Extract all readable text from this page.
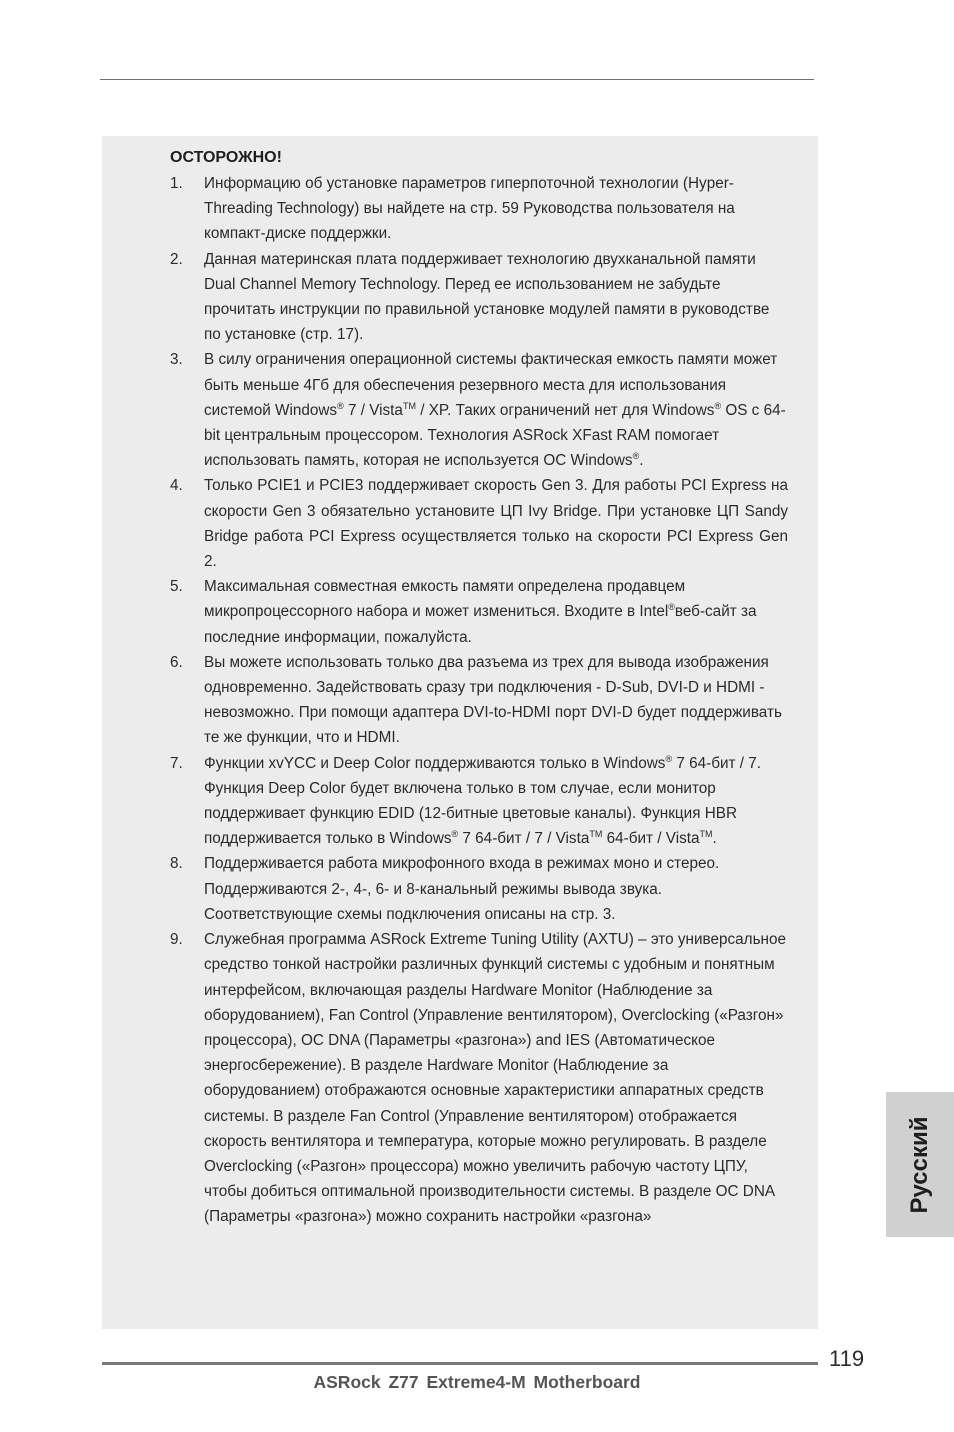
ОСТОРОЖНО!
1. Информацию об установке параметров гиперпоточной технологии (Hyper-Threading Technology) вы найдете на стр. 59 Руководства пользователя на компакт-диске поддержки.
2. Данная материнская плата поддерживает технологию двухканальной памяти Dual Channel Memory Technology. Перед ее использованием не забудьте прочитать инструкции по правильной установке модулей памяти в руководстве по установке (стр. 17).
3. В силу ограничения операционной системы фактическая емкость памяти может быть меньше 4Гб для обеспечения резервного места для использования системой Windows® 7 / Vista™ / XP. Таких ограничений нет для Windows® OS с 64-bit центральным процессором. Технология ASRock XFast RAM помогает использовать память, которая не используется ОС Windows®.
4. Только PCIE1 и PCIE3 поддерживает скорость Gen 3. Для работы PCI Express на скорости Gen 3 обязательно установите ЦП Ivy Bridge. При установке ЦП Sandy Bridge работа PCI Express осуществляется только на скорости PCI Express Gen 2.
5. Максимальная совместная емкость памяти определена продавцем микропроцессорного набора и может измениться. Входите в Intel®веб-сайт за последние информации, пожалуйста.
6. Вы можете использовать только два разъема из трех для вывода изображения одновременно. Задействовать сразу три подключения - D-Sub, DVI-D и HDMI - невозможно. При помощи адаптера DVI-to-HDMI порт DVI-D будет поддерживать те же функции, что и HDMI.
7. Функции xvYCC и Deep Color поддерживаются только в Windows® 7 64-бит / 7. Функция Deep Color будет включена только в том случае, если монитор поддерживает функцию EDID (12-битные цветовые каналы). Функция HBR поддерживается только в Windows® 7 64-бит / 7 / Vista™ 64-бит / Vista™.
8. Поддерживается работа микрофонного входа в режимах моно и стерео. Поддерживаются 2-, 4-, 6- и 8-канальный режимы вывода звука. Соответствующие схемы подключения описаны на стр. 3.
9. Служебная программа ASRock Extreme Tuning Utility (AXTU) – это универсальное средство тонкой настройки различных функций системы с удобным и понятным интерфейсом, включающая разделы Hardware Monitor (Наблюдение за оборудованием), Fan Control (Управление вентилятором), Overclocking («Разгон» процессора), OC DNA (Параметры «разгона») and IES (Автоматическое энергосбережение). В разделе Hardware Monitor (Наблюдение за оборудованием) отображаются основные характеристики аппаратных средств системы. В разделе Fan Control (Управление вентилятором) отображается скорость вентилятора и температура, которые можно регулировать. В разделе Overclocking («Разгон» процессора) можно увеличить рабочую частоту ЦПУ, чтобы добиться оптимальной производительности системы. В разделе OC DNA (Параметры «разгона») можно сохранить настройки «разгона»
Русский
119
ASRock Z77 Extreme4-M Motherboard
